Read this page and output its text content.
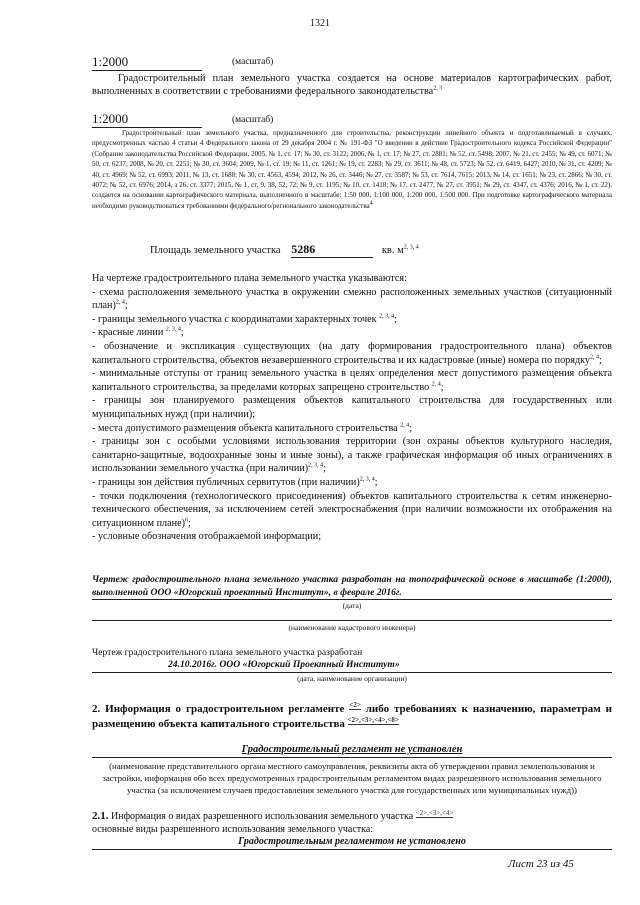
1321
1:2000	(масштаб)
Градостроительный план земельного участка создается на основе материалов картографических работ, выполненных в соответствии с требованиями федерального законодательства$^{2, 3}$
1:2000	(масштаб)
Градостроительный план земельного участка, предназначенного для строительства, реконструкции линейного объекта и подготавливаемый в случаях, предусмотренных частью 4 статьи 4 Федерального закона от 29 декабря 2004 г. № 191-ФЗ "О введении в действие Градостроительного кодекса Российской Федерации" (Собрание законодательства Российской Федерации, 2005, № 1, ст. 17; № 30, ст. 3122; 2006, № 1, ст. 17; № 27, ст. 2881; № 52, ст. 5498; 2007, № 21, ст. 2455; № 49, ст. 6071; № 50, ст. 6237; 2008, № 20, ст. 2251; № 30, ст. 3604; 2009, № 1, ст. 19; № 11, ст. 1261; № 19, ст. 2283; № 29, ст. 3611; № 48, ст. 5723; № 52, ст. 6419, 6427; 2010, № 31, ст. 4209; № 40, ст. 4969; № 52, ст. 6993; 2011, № 13, ст. 1688; № 30, ст. 4563, 4594; 2012, № 26, ст. 3446; № 27, ст. 3587; № 53, ст. 7614, 7615; 2013, № 14, ст. 1651; № 23, ст. 2866; № 30, ст. 4072; № 52, ст. 6976; 2014, з 26, ст. 3377; 2015, № 1, ст. 9, 38, 52, 72; № 9, ст. 1195; № 10, ст. 1418; № 17, ст. 2477, № 27, ст. 3951; № 29, ст. 4347, ст. 4376; 2016, № 1, ст. 22), создается на основании картографического материала, выполненного в масштабе: 1:50 000, 1:100 000, 1:200 000, 1:500 000. При подготовке картографического материала необходимо руководствоваться требованиями федерального/регионального законодательства$^4$
Площадь земельного участка 5286	кв. $м^{2, 3, 4}$
На чертеже градостроительного плана земельного участка указываются:
- схема расположения земельного участка в окружении смежно расположенных земельных участков (ситуационный план)$^{2, 4}$;
- границы земельного участка с координатами характерных точек $^{2, 3, 4}$;
- красные линии $^{2, 3, 4}$;
- обозначение и экспликация существующих (на дату формирования градостроительного плана) объектов капитального строительства, объектов незавершенного строительства и их кадастровые (иные) номера по порядку$^{2, 4}$;
- минимальные отступы от границ земельного участка в целях определения мест допустимого размещения объекта капитального строительства, за пределами которых запрещено строительство $^{2, 4}$;
- границы зон планируемого размещения объектов капитального строительства для государственных или муниципальных нужд (при наличии);
- места допустимого размещения объекта капитального строительства $^{2, 4}$;
- границы зон с особыми условиями использования территории (зон охраны объектов культурного наследия, санитарно-защитные, водоохранные зоны и иные зоны), а также графическая информация об иных ограничениях в использовании земельного участка (при наличии)$^{2, 3, 4}$;
- границы зон действия публичных сервитутов (при наличии)$^{2, 3, 4}$;
- точки подключения (технологического присоединения) объектов капитального строительства к сетям инженерно-технического обеспечения, за исключением сетей электроснабжения (при наличии возможности их отображения на ситуационном плане)$^6$;
- условные обозначения отображаемой информации;
Чертеж градостроительного плана земельного участка разработан на топографической основе в масштабе (1:2000), выполненной ООО «Югорский проектный Институт», в феврале 2016г.
(дата)
(наименование кадастрового инженера)
Чертеж градостроительного плана земельного участка разработан
24.10.2016г. ООО «Югорский Проектный Институт»
(дата, наименование организации)
2. Информация о градостроительном регламенте $^{<2>}$ либо требованиях к назначению, параметрам и размещению объекта капитального строительства $^{<2>,<3>,<4>,<8>}$
Градостроительный регламент не установлен
(наименование представительного органа местного самоуправления, реквизиты акта об утверждении правил землепользования и застройки, информация обо всех предусмотренных градостроительным регламентом видах разрешенного использования земельного участка (за исключением случаев предоставления земельного участка для государственных или муниципальных нужд))
2.1. Информация о видах разрешенного использования земельного участка $^{<2>,<3>,<4>}$
основные виды разрешенного использования земельного участка:
Градостроительным регламентом не установлено
Лист 23 из 45
